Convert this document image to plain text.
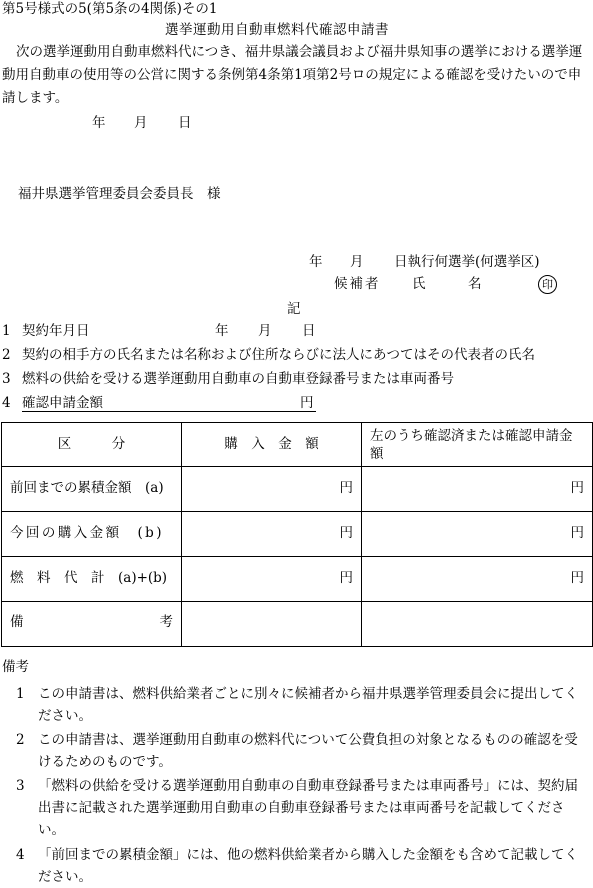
第5号様式の5(第5条の4関係)その1
選挙運動用自動車燃料代確認申請書
次の選挙運動用自動車燃料代につき、福井県議会議員および福井県知事の選挙における選挙運動用自動車の使用等の公営に関する条例第4条第1項第2号ロの規定による確認を受けたいので申請します。
年 月 日
福井県選挙管理委員会委員長　様
年 月 日執行何選挙(何選挙区)
候補者 氏	名	印
記
1 契約年月日	年 月 日
2 契約の相手方の氏名または名称および住所ならびに法人にあつてはその代表者の氏名
3 燃料の供給を受ける選挙運動用自動車の自動車登録番号または車両番号
4 確認申請金額	円
区　　　分	購　入　金　額	左のうち確認済または確認申請金額
前回までの累積金額　(a)	円	円
今回の購入金額　(b)	円	円
燃　料　代　計　(a)+(b)	円	円

備 考		

備考
1 この申請書は、燃料供給業者ごとに別々に候補者から福井県選挙管理委員会に提出してください。
2 この申請書は、選挙運動用自動車の燃料代について公費負担の対象となるものの確認を受けるためのものです。
3 「燃料の供給を受ける選挙運動用自動車の自動車登録番号または車両番号」には、契約届出書に記載された選挙運動用自動車の自動車登録番号または車両番号を記載してください。
4 「前回までの累積金額」には、他の燃料供給業者から購入した金額をも含めて記載してください。
